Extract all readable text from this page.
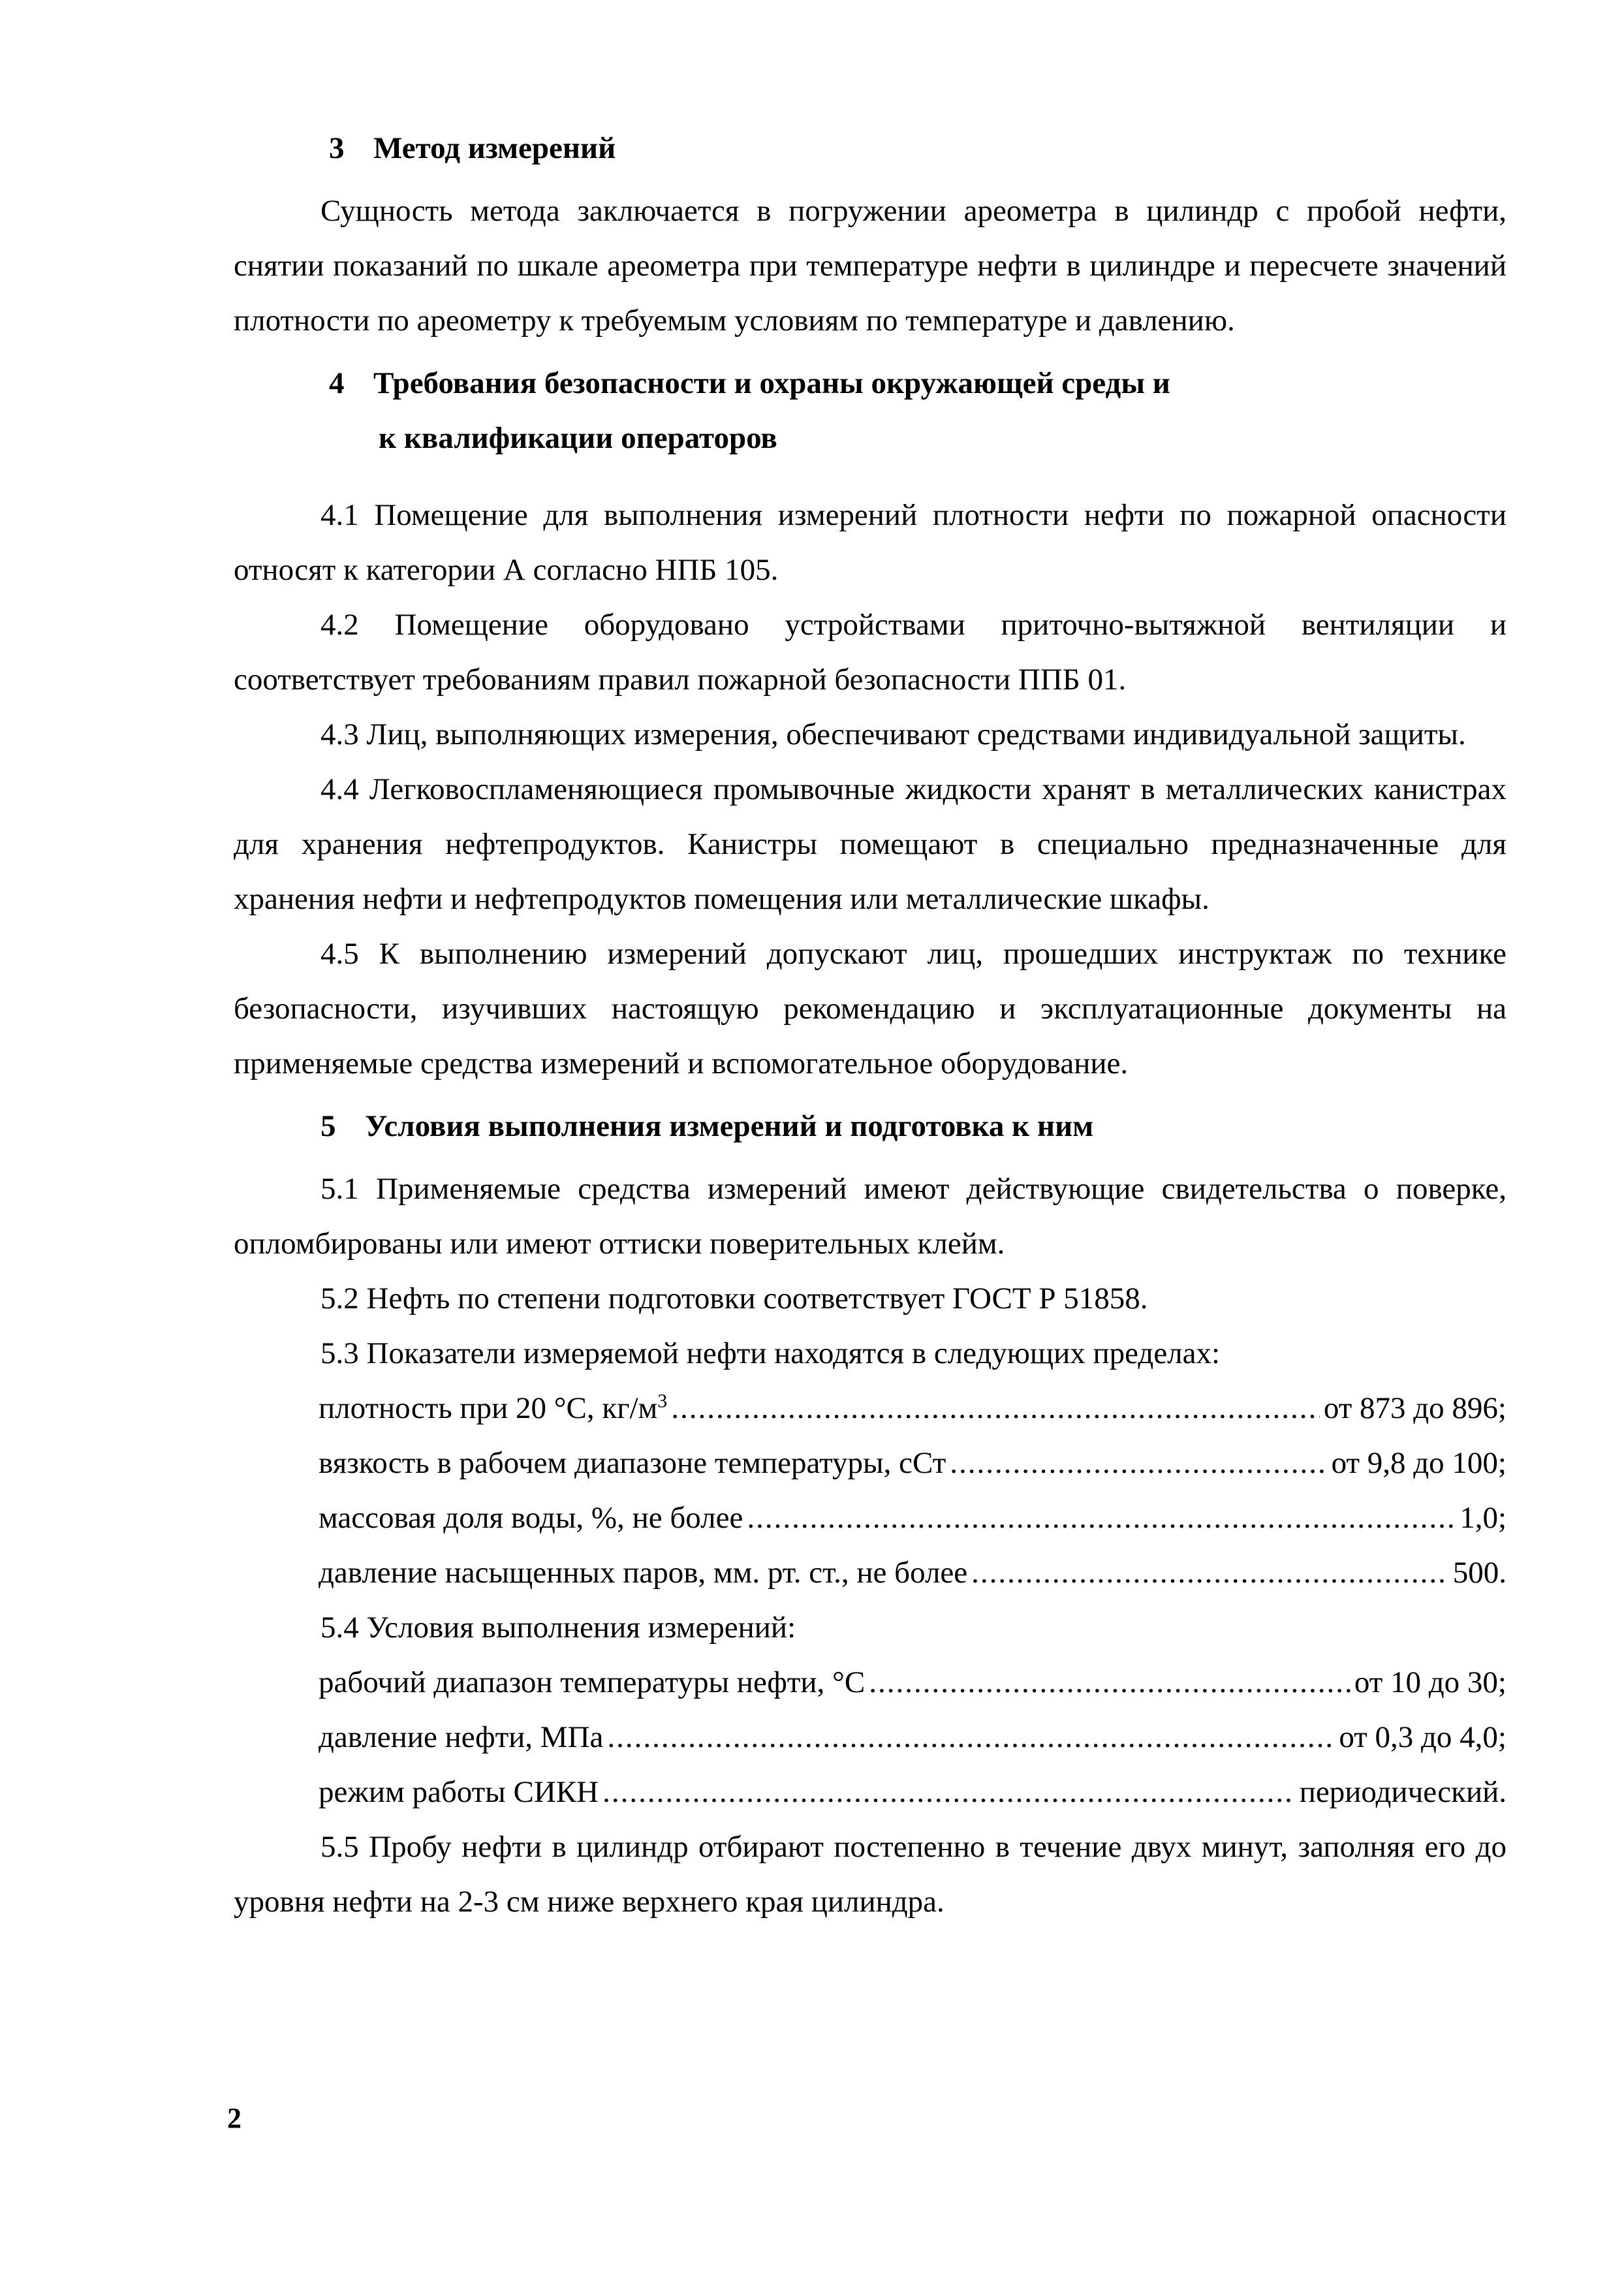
3 Метод измерений

Сущность метода заключается в погружении ареометра в цилиндр с пробой нефти, снятии показаний по шкале ареометра при температуре нефти в цилиндре и пересчете значений плотности по ареометру к требуемым условиям по температуре и давлению.

4 Требования безопасности и охраны окружающей среды и
к квалификации операторов

4.1 Помещение для выполнения измерений плотности нефти по пожарной опасности относят к категории А согласно НПБ 105.

4.2 Помещение оборудовано устройствами приточно-вытяжной вентиляции и соответствует требованиям правил пожарной безопасности ППБ 01.

4.3 Лиц, выполняющих измерения, обеспечивают средствами индивидуальной защиты.

4.4 Легковоспламеняющиеся промывочные жидкости хранят в металлических канистрах для хранения нефтепродуктов. Канистры помещают в специально предназначенные для хранения нефти и нефтепродуктов помещения или металлические шкафы.

4.5 К выполнению измерений допускают лиц, прошедших инструктаж по технике безопасности, изучивших настоящую рекомендацию и эксплуатационные документы на применяемые средства измерений и вспомогательное оборудование.

5 Условия выполнения измерений и подготовка к ним

5.1 Применяемые средства измерений имеют действующие свидетельства о поверке, опломбированы или имеют оттиски поверительных клейм.

5.2 Нефть по степени подготовки соответствует ГОСТ Р 51858.

5.3 Показатели измеряемой нефти находятся в следующих пределах:

плотность при 20 °С, $кг/м^3$ .....	от 873 до 896;
вязкость в рабочем диапазоне температуры, сСт .....	от 9,8 до 100;
массовая доля воды, %, не более .....	1,0;
давление насыщенных паров, мм. рт. ст., не более .....	500.

5.4 Условия выполнения измерений:

рабочий диапазон температуры нефти, °С .....	от 10 до 30;
давление нефти, МПа .....	от 0,3 до 4,0;
режим работы СИКН .....	периодический.

5.5 Пробу нефти в цилиндр отбирают постепенно в течение двух минут, заполняя его до уровня нефти на 2-3 см ниже верхнего края цилиндра.

2
